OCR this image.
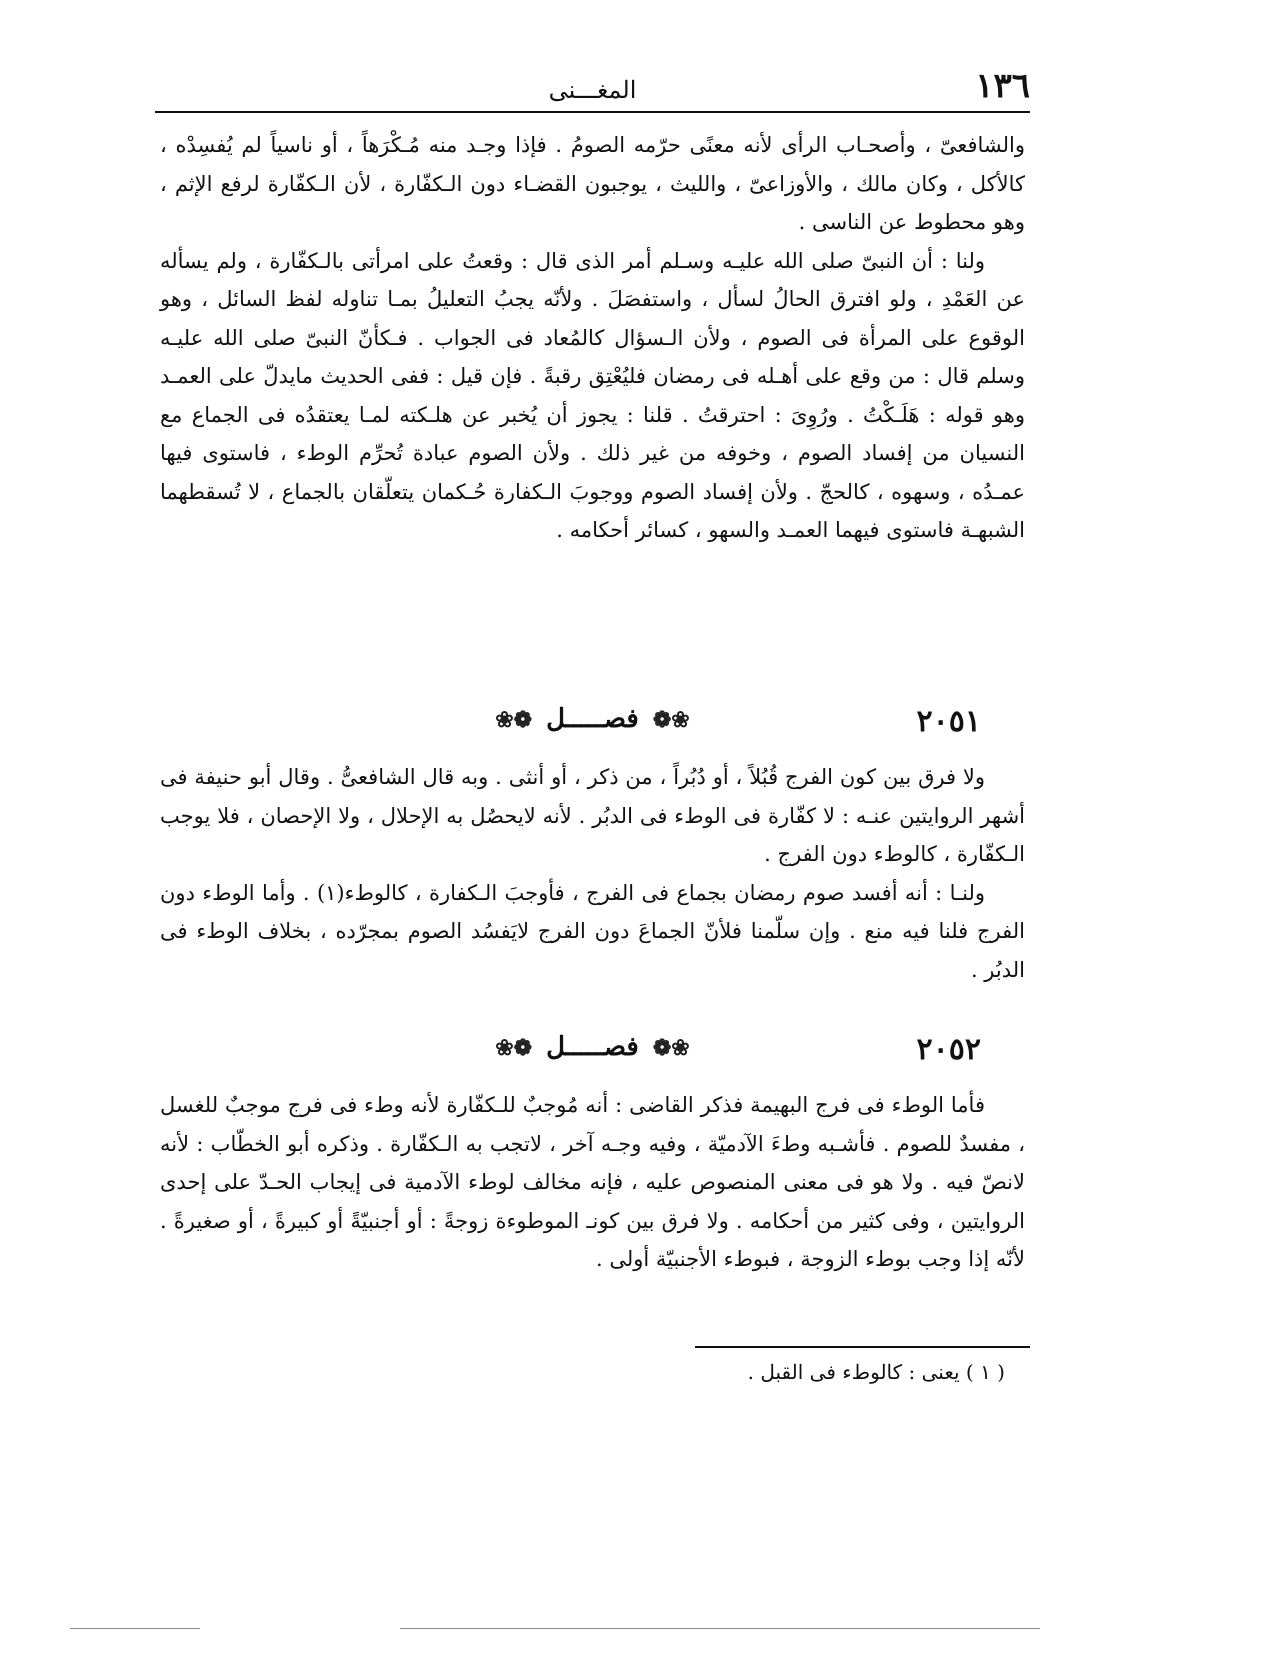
١٣٦
المغـــنى

والشافعىّ ، وأصحـاب الرأى لأنه معنًى حرّمه الصومُ . فإذا وجـد منه مُـكْرَهاً ، أو ناسياً لم يُفسِدْه ، كالأكل ، وكان مالك ، والأوزاعىّ ، والليث ، يوجبون القضـاء دون الـكفّارة ، لأن الـكفّارة لرفع الإثم ، وهو محطوط عن الناسى .

ولنا : أن النبىّ صلى الله عليـه وسـلم أمر الذى قال : وقعتُ على امرأتى بالـكفّارة ، ولم يسأله عن العَمْدِ ، ولو افترق الحالُ لسأل ، واستفصَلَ . ولأنّه يجبُ التعليلُ بمـا تناوله لفظ السائل ، وهو الوقوع على المرأة فى الصوم ، ولأن الـسؤال كالمُعاد فى الجواب . فـكأنّ النبىّ صلى الله عليـه وسلم قال : من وقع على أهـله فى رمضان فليُعْتِق رقبةً . فإن قيل : ففى الحديث مايدلّ على العمـد وهو قوله : هَلَـكْتُ . ورُوِىَ : احترقتُ . قلنا : يجوز أن يُخبر عن هلـكته لمـا يعتقدُه فى الجماع مع النسيان من إفساد الصوم ، وخوفه من غير ذلك . ولأن الصوم عبادة تُحرِّم الوطء ، فاستوى فيها عمـدُه ، وسهوه ، كالحجّ . ولأن إفساد الصوم ووجوبَ الـكفارة حُـكمان يتعلّقان بالجماع ، لا تُسقطهما الشبهـة فاستوى فيهما العمـد والسهو ، كسائر أحكامه .

٢٠٥١
❀❁فصـــــل❁❀

ولا فرق بين كون الفرج قُبُلاً ، أو دُبُراً ، من ذكر ، أو أنثى . وبه قال الشافعىُّ . وقال أبو حنيفة فى أشهر الروايتين عنـه : لا كفّارة فى الوطء فى الدبُر . لأنه لايحصُل به الإحلال ، ولا الإحصان ، فلا يوجب الـكفّارة ، كالوطء دون الفرج .

ولنـا : أنه أفسد صوم رمضان بجماع فى الفرج ، فأوجبَ الـكفارة ، كالوطء(١) . وأما الوطء دون الفرج فلنا فيه منع . وإن سلّمنا فلأنّ الجماعَ دون الفرج لايَفسُد الصوم بمجرّده ، بخلاف الوطء فى الدبُر .

٢٠٥٢
❀❁فصـــــل❁❀

فأما الوطء فى فرج البهيمة فذكر القاضى : أنه مُوجبٌ للـكفّارة لأنه وطء فى فرج موجبٌ للغسل ، مفسدٌ للصوم . فأشـبه وطءَ الآدميّة ، وفيه وجـه آخر ، لاتجب به الـكفّارة . وذكره أبو الخطّاب : لأنه لانصّ فيه . ولا هو فى معنى المنصوص عليه ، فإنه مخالف لوطء الآدمية فى إيجاب الحـدّ على إحدى الروايتين ، وفى كثير من أحكامه . ولا فرق بين كونـ الموطوءة زوجةً : أو أجنبيّةً أو كبيرةً ، أو صغيرةً . لأنّه إذا وجب بوطء الزوجة ، فبوطء الأجنبيّة أولى .

( ١ ) يعنى : كالوطء فى القبل .
